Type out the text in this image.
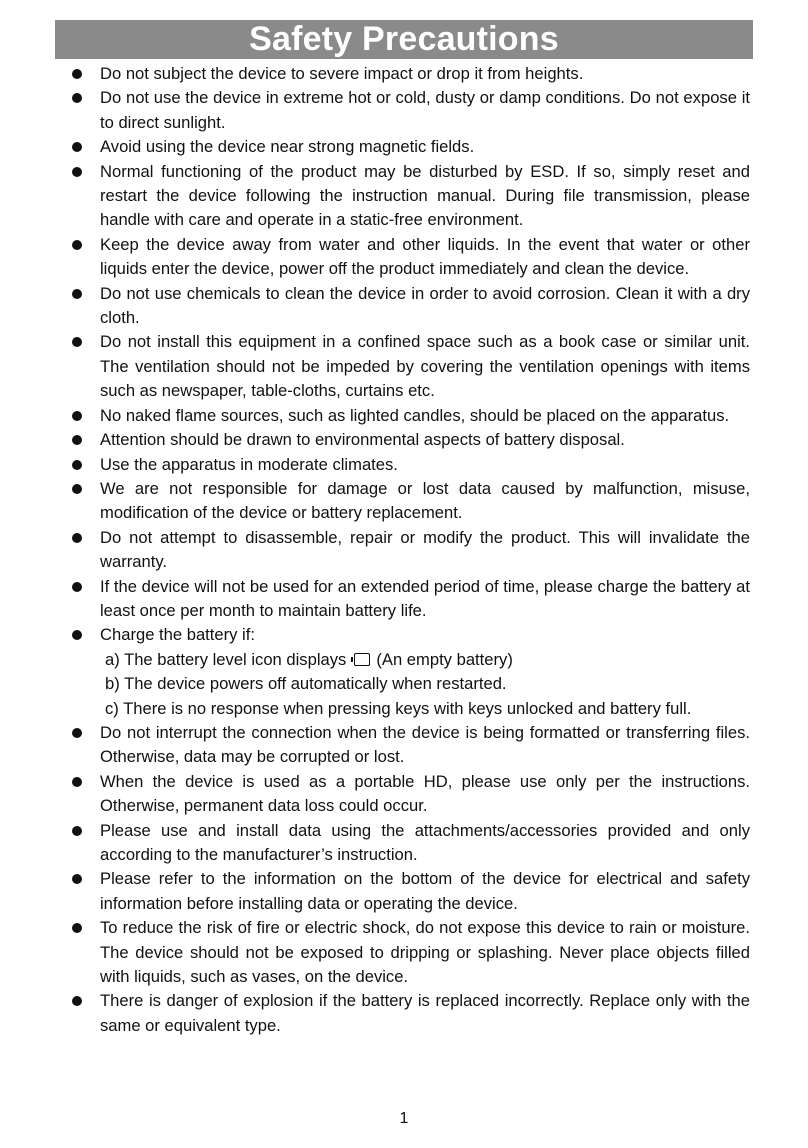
Safety Precautions
Do not subject the device to severe impact or drop it from heights.
Do not use the device in extreme hot or cold, dusty or damp conditions. Do not expose it to direct sunlight.
Avoid using the device near strong magnetic fields.
Normal functioning of the product may be disturbed by ESD. If so, simply reset and restart the device following the instruction manual. During file transmission, please handle with care and operate in a static-free environment.
Keep the device away from water and other liquids. In the event that water or other liquids enter the device, power off the product immediately and clean the device.
Do not use chemicals to clean the device in order to avoid corrosion. Clean it with a dry cloth.
Do not install this equipment in a confined space such as a book case or similar unit. The ventilation should not be impeded by covering the ventilation openings with items such as newspaper, table-cloths, curtains etc.
No naked flame sources, such as lighted candles, should be placed on the apparatus.
Attention should be drawn to environmental aspects of battery disposal.
Use the apparatus in moderate climates.
We are not responsible for damage or lost data caused by malfunction, misuse, modification of the device or battery replacement.
Do not attempt to disassemble, repair or modify the product. This will invalidate the warranty.
If the device will not be used for an extended period of time, please charge the battery at least once per month to maintain battery life.
Charge the battery if:
a) The battery level icon displays (An empty battery)
b) The device powers off automatically when restarted.
c) There is no response when pressing keys with keys unlocked and battery full.
Do not interrupt the connection when the device is being formatted or transferring files. Otherwise, data may be corrupted or lost.
When the device is used as a portable HD, please use only per the instructions. Otherwise, permanent data loss could occur.
Please use and install data using the attachments/accessories provided and only according to the manufacturer’s instruction.
Please refer to the information on the bottom of the device for electrical and safety information before installing data or operating the device.
To reduce the risk of fire or electric shock, do not expose this device to rain or moisture. The device should not be exposed to dripping or splashing. Never place objects filled with liquids, such as vases, on the device.
There is danger of explosion if the battery is replaced incorrectly. Replace only with the same or equivalent type.
1
